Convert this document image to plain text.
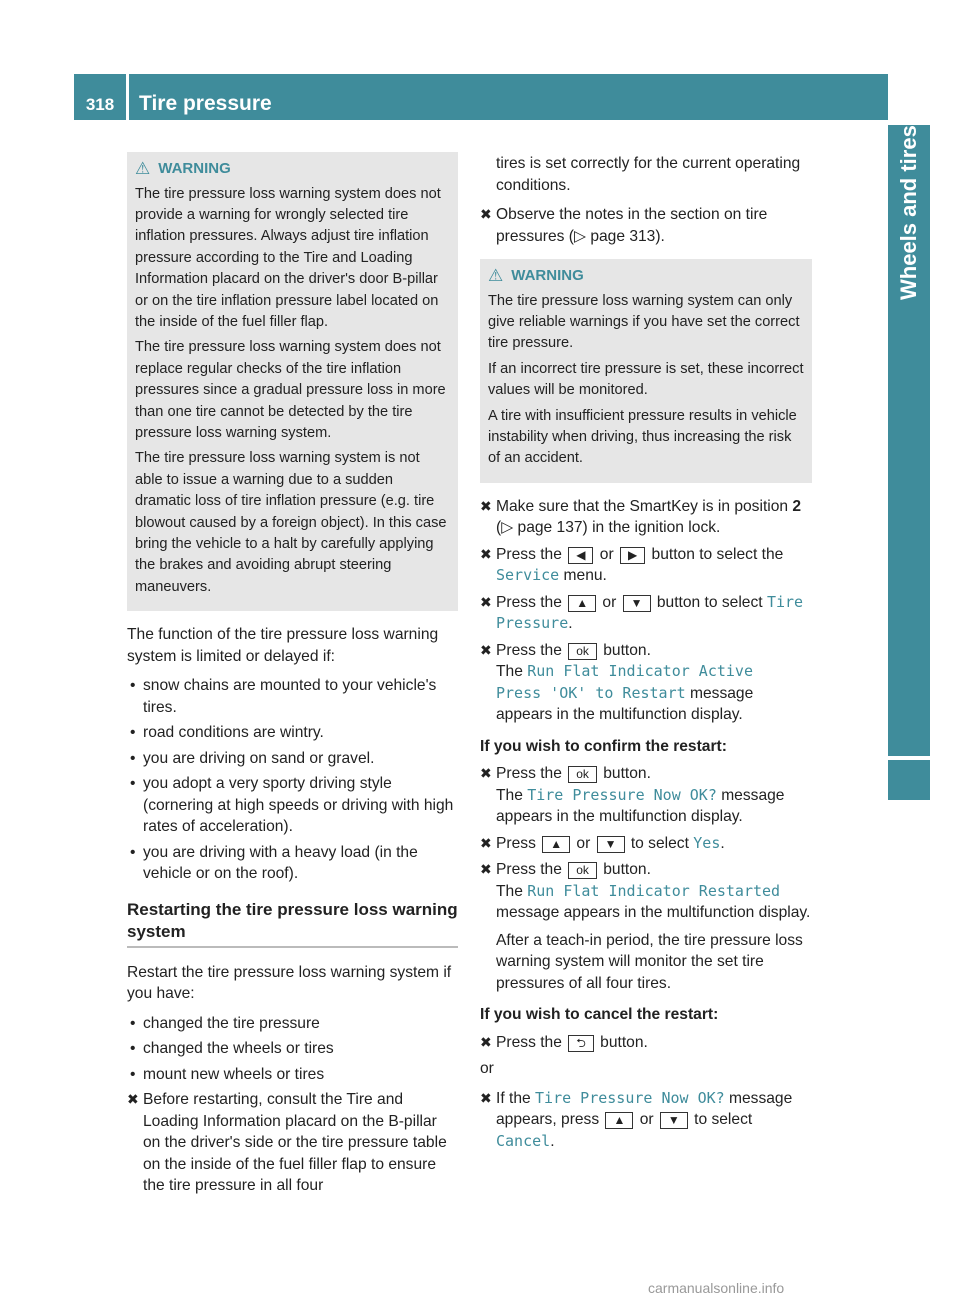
318	Tire pressure
Wheels and tires
⚠ WARNING

The tire pressure loss warning system does not provide a warning for wrongly selected tire inflation pressures. Always adjust tire inflation pressure according to the Tire and Loading Information placard on the driver's door B-pillar or on the tire inflation pressure label located on the inside of the fuel filler flap.

The tire pressure loss warning system does not replace regular checks of the tire inflation pressures since a gradual pressure loss in more than one tire cannot be detected by the tire pressure loss warning system.

The tire pressure loss warning system is not able to issue a warning due to a sudden dramatic loss of tire inflation pressure (e.g. tire blowout caused by a foreign object). In this case bring the vehicle to a halt by carefully applying the brakes and avoiding abrupt steering maneuvers.

The function of the tire pressure loss warning system is limited or delayed if:

• snow chains are mounted to your vehicle's tires.
• road conditions are wintry.
• you are driving on sand or gravel.
• you adopt a very sporty driving style (cornering at high speeds or driving with high rates of acceleration).
• you are driving with a heavy load (in the vehicle or on the roof).
Restarting the tire pressure loss warning system

Restart the tire pressure loss warning system if you have:

• changed the tire pressure
• changed the wheels or tires
• mount new wheels or tires
✖ Before restarting, consult the Tire and Loading Information placard on the B-pillar on the driver's side or the tire pressure table on the inside of the fuel filler flap to ensure the tire pressure in all four

tires is set correctly for the current operating conditions.

✖ Observe the notes in the section on tire pressures (▷ page 313).
⚠ WARNING

The tire pressure loss warning system can only give reliable warnings if you have set the correct tire pressure.

If an incorrect tire pressure is set, these incorrect values will be monitored.

A tire with insufficient pressure results in vehicle instability when driving, thus increasing the risk of an accident.

✖ Make sure that the SmartKey is in position 2 (▷ page 137) in the ignition lock.
✖ Press the ◀ or ▶ button to select the Service menu.
✖ Press the ▲ or ▼ button to select Tire Pressure.
✖ Press the ok button.
The Run Flat Indicator Active
Press 'OK' to Restart message
appears in the multifunction display.
If you wish to confirm the restart:
✖ Press the ok button.
The Tire Pressure Now OK? message
appears in the multifunction display.
✖ Press ▲ or ▼ to select Yes.
✖ Press the ok button.
The Run Flat Indicator Restarted
message appears in the multifunction display.

After a teach-in period, the tire pressure loss warning system will monitor the set tire pressures of all four tires.

If you wish to cancel the restart:
✖ Press the ⮌ button.

or

✖ If the Tire Pressure Now OK? message appears, press ▲ or ▼ to select
Cancel.
carmanualsonline.info
